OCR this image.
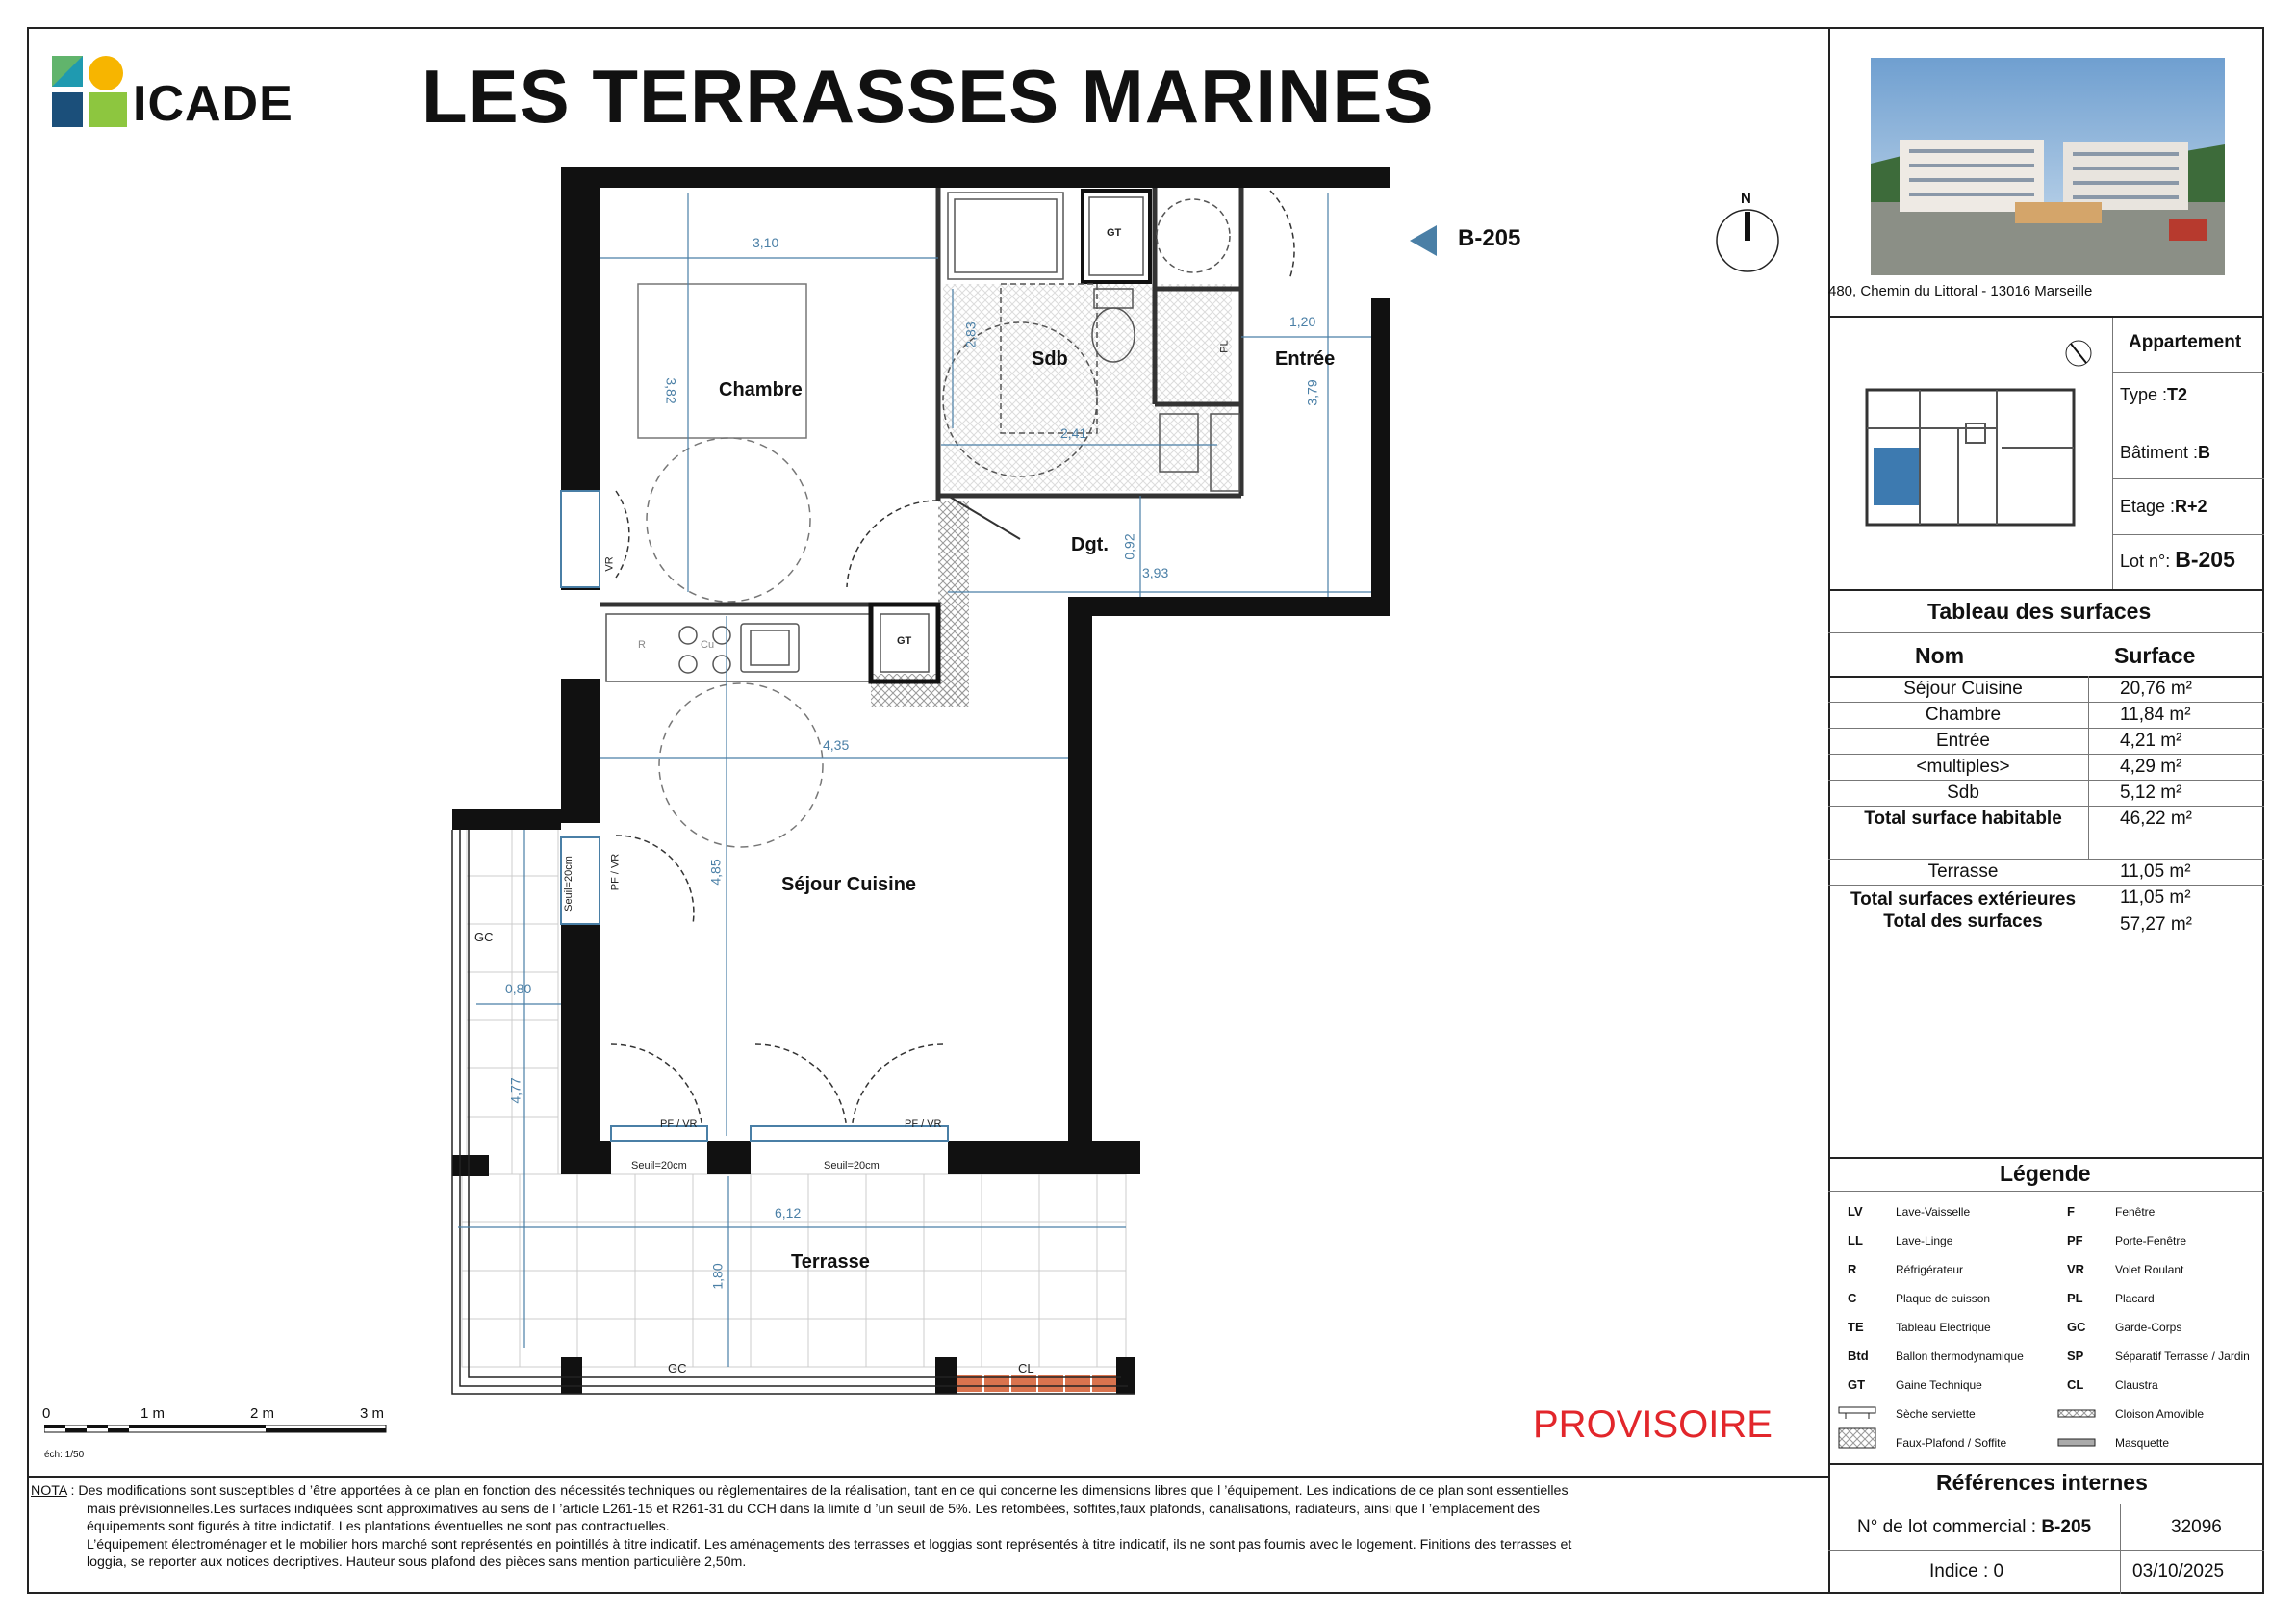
ICADE LES TERRASSES MARINES
B-205
N
Chambre
Sdb	Entrée
Dgt.
Séjour Cuisine
Terrasse
3,10
3,82
2,83
2,41
1,20
3,79
0,92
3,93
4,35
4,85
0,80
4,77
6,12
1,80
GT
GT
PL
R	Cu
VR
PF / VR
PF / VR	PF / VR
Seuil=20cm
Seuil=20cm	Seuil=20cm
GC
GC	CL
0	1 m	2 m	3 m
éch: 1/50
PROVISOIRE
480, Chemin du Littoral - 13016 Marseille
Appartement
Type :T2
Bâtiment :B
Etage :R+2
Lot n°: B-205
Tableau des surfaces
Nom	Surface
Séjour Cuisine	20,76 m²
Chambre	11,84 m²
Entrée	4,21 m²
<multiples>	4,29 m²
Sdb	5,12 m²
Total surface habitable	46,22 m²
Terrasse	11,05 m²
Total surfaces extérieures	11,05 m²
Total des surfaces	57,27 m²
Légende
LV	Lave-Vaisselle
LL	Lave-Linge
R	Réfrigérateur
C	Plaque de cuisson
TE	Tableau Electrique
Btd Ballon thermodynamique
GT	Gaine Technique
Sèche serviette
Faux-Plafond / Soffite
F	Fenêtre
PF	Porte-Fenêtre
VR	Volet Roulant
PL	Placard
GC	Garde-Corps
SP	Séparatif Terrasse / Jardin
CL	Claustra
Cloison Amovible
Masquette
Références internes
N° de lot commercial : B-205	32096
Indice : 0	03/10/2025
NOTA : Des modifications sont susceptibles d ’être apportées à ce plan en fonction des nécessités techniques ou règlementaires de la réalisation, tant en ce qui concerne les dimensions libres que l ’équipement. Les indications de ce plan sont essentielles
mais prévisionnelles.Les surfaces indiquées sont approximatives au sens de l ’article L261-15 et R261-31 du CCH dans la limite d ’un seuil de 5%. Les retombées, soffites,faux plafonds, canalisations, radiateurs, ainsi que l ’emplacement des
équipements sont figurés à titre indictatif. Les plantations éventuelles ne sont pas contractuelles.
L’équipement électroménager et le mobilier hors marché sont représentés en pointillés à titre indicatif. Les aménagements des terrasses et loggias sont représentés à titre indicatif, ils ne sont pas fournis avec le logement. Finitions des terrasses et
loggia, se reporter aux notices decriptives. Hauteur sous plafond des pièces sans mention particulière 2,50m.
